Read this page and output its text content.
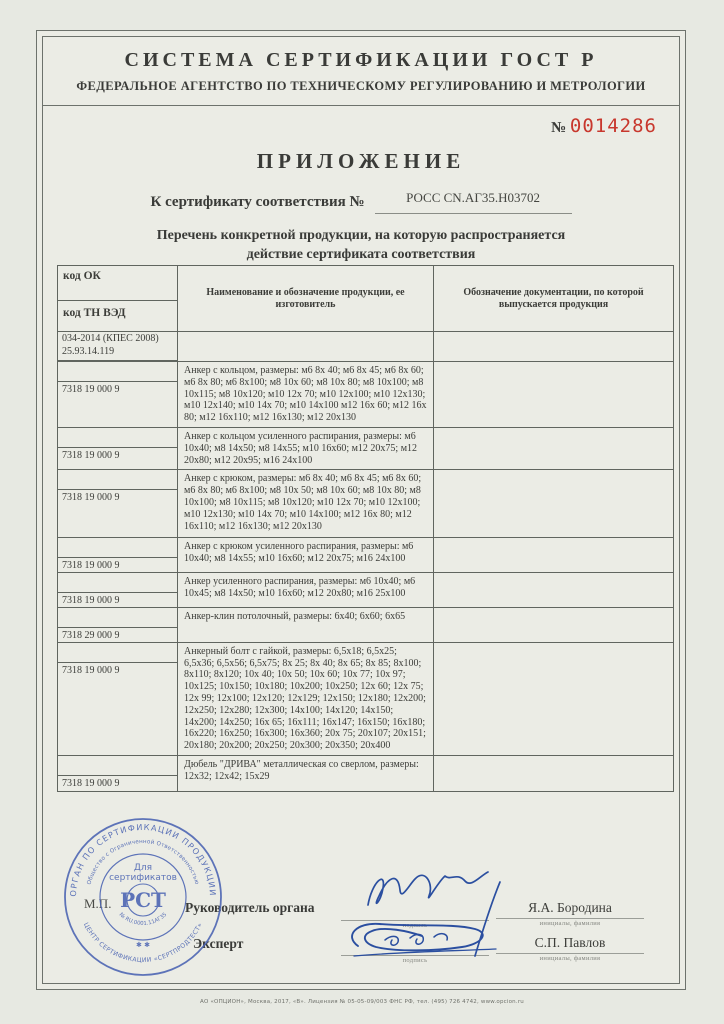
СИСТЕМА СЕРТИФИКАЦИИ ГОСТ Р
ФЕДЕРАЛЬНОЕ АГЕНТСТВО ПО ТЕХНИЧЕСКОМУ РЕГУЛИРОВАНИЮ И МЕТРОЛОГИИ
№ 0014286
ПРИЛОЖЕНИЕ
К сертификату соответствия №	РОСС CN.АГ35.Н03702
Перечень конкретной продукции, на которую распространяется
действие сертификата соответствия
код ОК
код ТН ВЭД	Наименование и обозначение продукции, ее изготовитель	Обозначение документации, по которой выпускается продукция

034-2014 (КПЕС 2008)
25.93.14.119		

7318 19 000 9	Анкер с кольцом, размеры: м6 8х 40; м6 8х 45; м6 8х 60; м6 8х 80; м6 8х100; м8 10х 60; м8 10х 80; м8 10х100; м8 10х115; м8 10х120; м10 12х 70; м10 12х100; м10 12х130; м10 12х140; м10 14х 70; м10 14х100 м12 16х 60; м12 16х 80; м12 16х110; м12 16х130; м12 20х130	

7318 19 000 9	Анкер с кольцом усиленного распирания, размеры: м6 10х40; м8 14х50; м8 14х55; м10 16х60; м12 20х75; м12 20х80; м12 20х95; м16 24х100	

7318 19 000 9	Анкер с крюком, размеры: м6 8х 40; м6 8х 45; м6 8х 60; м6 8х 80; м6 8х100; м8 10х 50; м8 10х 60; м8 10х 80; м8 10х100; м8 10х115; м8 10х120; м10 12х 70; м10 12х100; м10 12х130; м10 14х 70; м10 14х100; м12 16х 80; м12 16х110; м12 16х130; м12 20х130	

7318 19 000 9	Анкер с крюком усиленного распирания, размеры: м6 10х40; м8 14х55; м10 16х60; м12 20х75; м16 24х100	

7318 19 000 9	Анкер усиленного распирания, размеры: м6 10х40; м6 10х45; м8 14х50; м10 16х60; м12 20х80; м16 25х100	

7318 29 000 9	Анкер-клин потолочный, размеры: 6х40; 6х60; 6х65	

7318 19 000 9	Анкерный болт с гайкой, размеры: 6,5х18; 6,5х25; 6,5х36; 6,5х56; 6,5х75; 8х 25; 8х 40; 8х 65; 8х 85; 8х100; 8х110; 8х120; 10х 40; 10х 50; 10х 60; 10х 77; 10х 97; 10х125; 10х150; 10х180; 10х200; 10х250; 12х 60; 12х 75; 12х 99; 12х100; 12х120; 12х129; 12х150; 12х180; 12х200; 12х250; 12х280; 12х300; 14х100; 14х120; 14х150; 14х200; 14х250; 16х 65; 16х111; 16х147; 16х150; 16х180; 16х220; 16х250; 16х300; 16х360; 20х 75; 20х107; 20х151; 20х180; 20х200; 20х250; 20х300; 20х350; 20х400	

7318 19 000 9	Дюбель "ДРИВА" металлическая со сверлом, размеры: 12х32; 12х42; 15х29	

М.П.
ОРГАН ПО СЕРТИФИКАЦИИ ПРОДУКЦИИ
ЦЕНТР СЕРТИФИКАЦИИ «СЕРТПРОДТЕСТ»
Общество с Ограниченной Ответственностью
№ RU.0001.11АГ35
Для
сертификатов
РСТ
✱ ✱
Руководитель органа
Эксперт
подпись
Я.А. Бородина
инициалы, фамилия
подпись
С.П. Павлов
инициалы, фамилия
АО «ОПЦИОН», Москва, 2017, «В». Лицензия № 05-05-09/003 ФНС РФ, тел. (495) 726 4742, www.opcion.ru
